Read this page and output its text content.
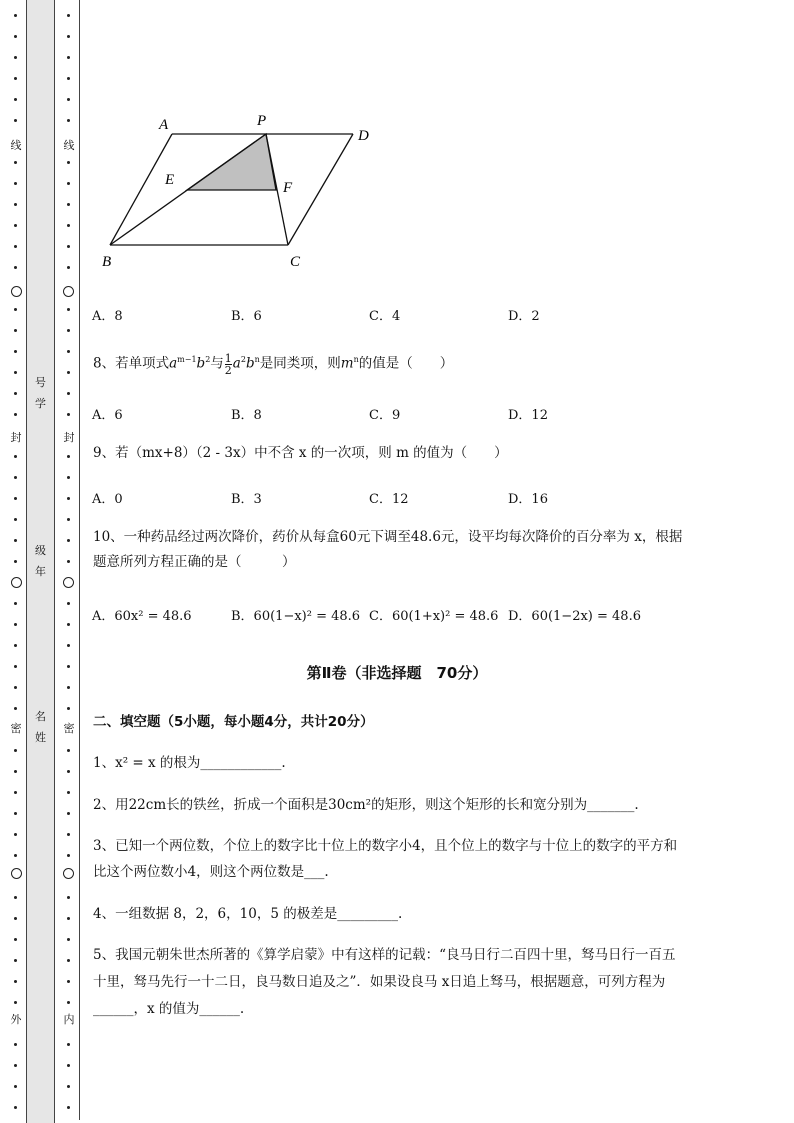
线
封
密
外
号
学
级
年
名
姓
线
封
密
内
A	P
D
E	F
B	C
A．8	B．6	C．4	D．2
8、若单项式$a^{m-1}b^2$与 $\frac{1}{2} a^2b^n$是同类项，则$m^n$的值是（　　）
A．6	B．8	C．9	D．12
9、若（mx+8）（2 - 3x）中不含 x 的一次项，则 m 的值为（　　）
A．0	B．3	C．12	D．16
10、一种药品经过两次降价，药价从每盒60元下调至48.6元，设平均每次降价的百分率为 x，根据
题意所列方程正确的是（　　　）
A．60x² = 48.6	B．60(1−x)² = 48.6 C．60(1+x)² = 48.6 D．60(1−2x) = 48.6
第Ⅱ卷（非选择题　70分）
二、填空题（5小题，每小题4分，共计20分）
1、x² = x 的根为____________.
2、用22cm长的铁丝，折成一个面积是30cm²的矩形，则这个矩形的长和宽分别为_______.
3、已知一个两位数，个位上的数字比十位上的数字小4，且个位上的数字与十位上的数字的平方和
比这个两位数小4，则这个两位数是___.
4、一组数据 8，2，6，10，5 的极差是_________.
5、我国元朝朱世杰所著的《算学启蒙》中有这样的记载：“良马日行二百四十里，驽马日行一百五
十里，驽马先行一十二日，良马数日追及之”．如果设良马 x日追上驽马，根据题意，可列方程为
______，x 的值为______.
